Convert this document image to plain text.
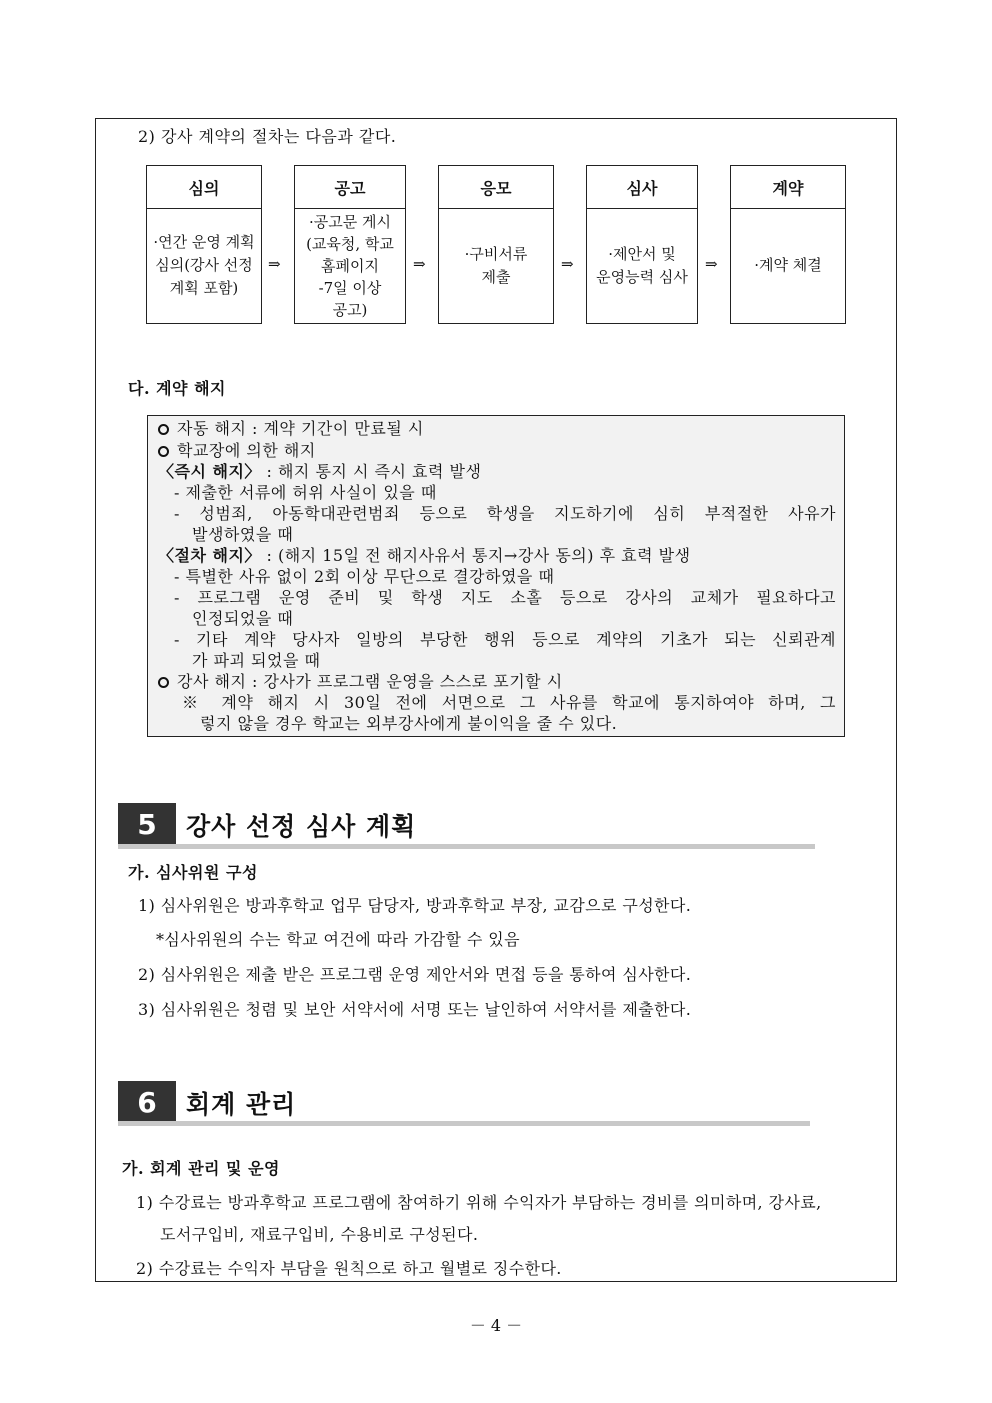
2) 강사 계약의 절차는 다음과 같다.
심의
·연간 운영 계획
심의(강사 선정
계획 포함)
⇒
공고
·공고문 게시
(교육청, 학교
홈페이지
-7일 이상
공고)
⇒
응모
·구비서류
제출
⇒
심사
·제안서 및
운영능력 심사
⇒
계약
·계약 체결
다. 계약 해지
자동 해지 : 계약 기간이 만료될 시
학교장에 의한 해지
〈즉시 해지〉 : 해지 통지 시 즉시 효력 발생
- 제출한 서류에 허위 사실이 있을 때
- 성범죄, 아동학대관련범죄 등으로 학생을 지도하기에 심히 부적절한 사유가
발생하였을 때
〈절차 해지〉 : (해지 15일 전 해지사유서 통지→강사 동의) 후 효력 발생
- 특별한 사유 없이 2회 이상 무단으로 결강하였을 때
- 프로그램 운영 준비 및 학생 지도 소홀 등으로 강사의 교체가 필요하다고
인정되었을 때
- 기타 계약 당사자 일방의 부당한 행위 등으로 계약의 기초가 되는 신뢰관계
가 파괴 되었을 때
강사 해지 : 강사가 프로그램 운영을 스스로 포기할 시
※ 계약 해지 시 30일 전에 서면으로 그 사유를 학교에 통지하여야 하며, 그
렇지 않을 경우 학교는 외부강사에게 불이익을 줄 수 있다.
5	강사 선정 심사 계획
가. 심사위원 구성
1) 심사위원은 방과후학교 업무 담당자, 방과후학교 부장, 교감으로 구성한다.
*심사위원의 수는 학교 여건에 따라 가감할 수 있음
2) 심사위원은 제출 받은 프로그램 운영 제안서와 면접 등을 통하여 심사한다.
3) 심사위원은 청렴 및 보안 서약서에 서명 또는 날인하여 서약서를 제출한다.
6	회계 관리
가. 회계 관리 및 운영
1) 수강료는 방과후학교 프로그램에 참여하기 위해 수익자가 부담하는 경비를 의미하며, 강사료,
도서구입비, 재료구입비, 수용비로 구성된다.
2) 수강료는 수익자 부담을 원칙으로 하고 월별로 징수한다.
－ 4 －
